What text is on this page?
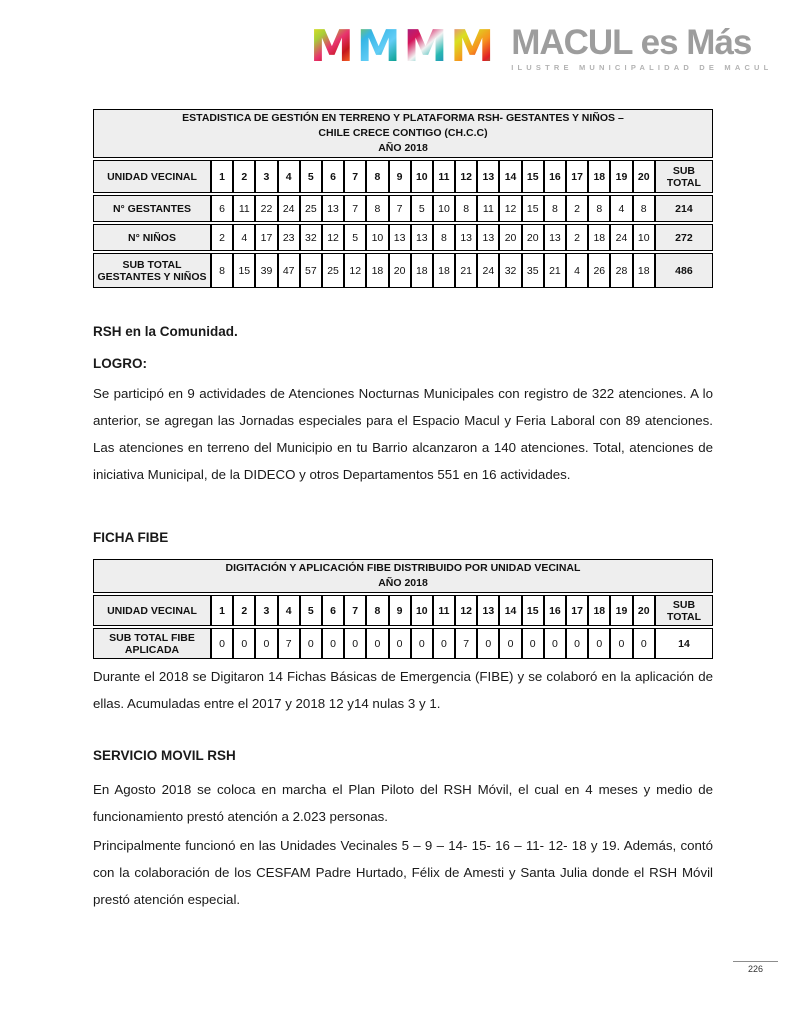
M M M M MACUL es Más
ILUSTRE MUNICIPALIDAD DE MACUL
ESTADISTICA DE GESTIÓN EN TERRENO Y PLATAFORMA RSH- GESTANTES Y NIÑOS –
CHILE CRECE CONTIGO (CH.C.C)
AÑO 2018																					
UNIDAD VECINAL	1	2	3	4	5	6	7	8	9	10	11	12	13	14	15	16	17	18	19	20	SUB TOTAL
N° GESTANTES	6	11	22	24	25	13	7	8	7	5	10	8	11	12	15	8	2	8	4	8	214
N° NIÑOS	2	4	17	23	32	12	5	10	13	13	8	13	13	20	20	13	2	18	24	10	272
SUB TOTAL GESTANTES Y NIÑOS	8	15	39	47	57	25	12	18	20	18	18	21	24	32	35	21	4	26	28	18	486
RSH en la Comunidad.
LOGRO:
Se participó en 9 actividades de Atenciones Nocturnas Municipales con registro de 322 atenciones. A lo anterior, se agregan las Jornadas especiales para el Espacio Macul y Feria Laboral con 89 atenciones. Las atenciones en terreno del Municipio en tu Barrio alcanzaron a 140 atenciones. Total, atenciones de iniciativa Municipal, de la DIDECO y otros Departamentos 551 en 16 actividades.
FICHA FIBE
DIGITACIÓN Y APLICACIÓN FIBE DISTRIBUIDO POR UNIDAD VECINAL
AÑO 2018																					
UNIDAD VECINAL	1	2	3	4	5	6	7	8	9	10	11	12	13	14	15	16	17	18	19	20	SUB TOTAL
SUB TOTAL FIBE APLICADA	0	0	0	7	0	0	0	0	0	0	0	7	0	0	0	0	0	0	0	0	14
Durante el 2018 se Digitaron 14 Fichas Básicas de Emergencia (FIBE) y se colaboró en la aplicación de ellas. Acumuladas entre el 2017 y 2018 12 y14 nulas 3 y 1.
SERVICIO MOVIL RSH
En Agosto 2018 se coloca en marcha el Plan Piloto del RSH Móvil, el cual en 4 meses y medio de funcionamiento prestó atención a 2.023 personas.
Principalmente funcionó en las Unidades Vecinales 5 – 9 – 14- 15- 16 – 11- 12- 18 y 19. Además, contó con la colaboración de los CESFAM Padre Hurtado, Félix de Amesti y Santa Julia donde el RSH Móvil prestó atención especial.
226
